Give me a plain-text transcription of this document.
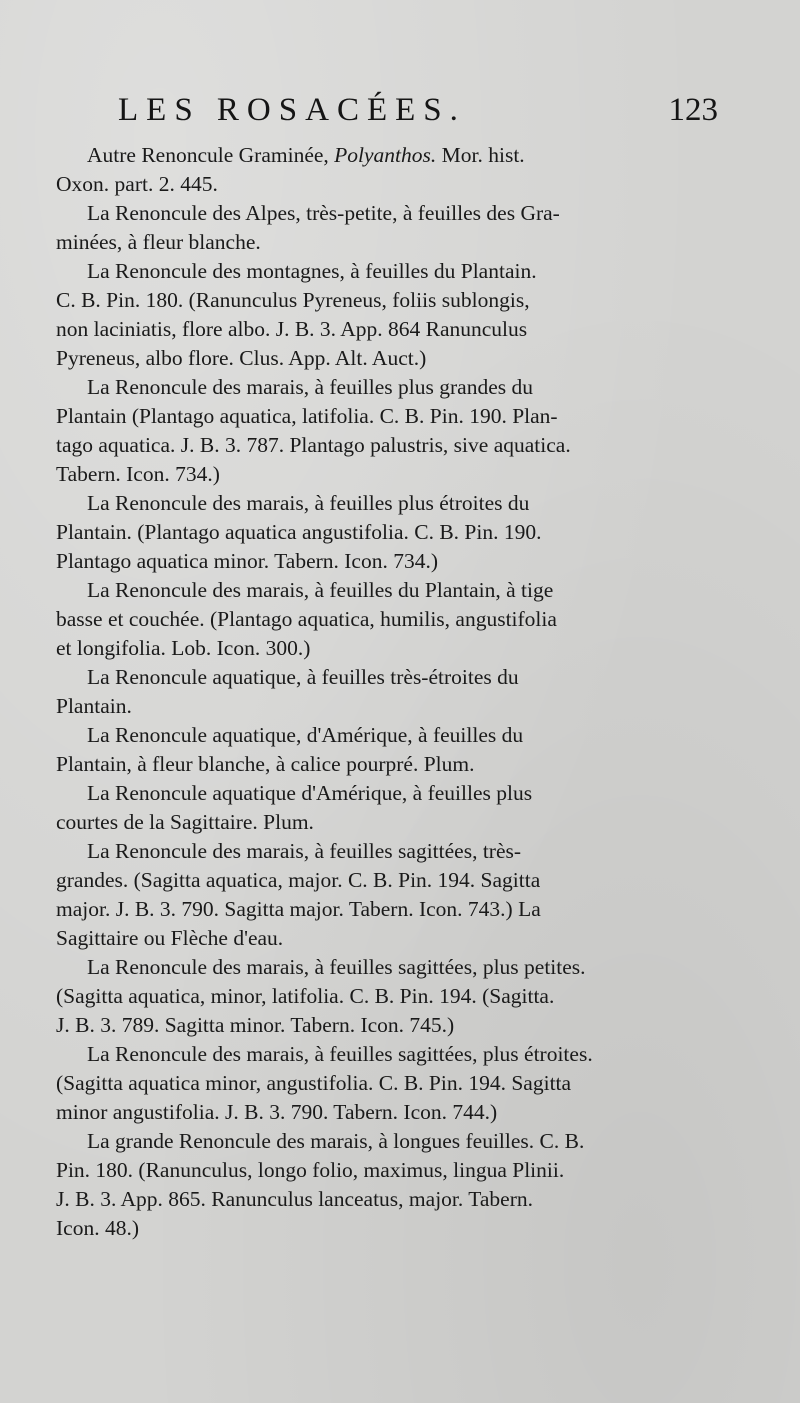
LES ROSACÉES.	123
Autre Renoncule Graminée, Polyanthos. Mor. hist.
Oxon. part. 2. 445.
La Renoncule des Alpes, très-petite, à feuilles des Gra-
minées, à fleur blanche.
La Renoncule des montagnes, à feuilles du Plantain.
C. B. Pin. 180. (Ranunculus Pyreneus, foliis sublongis,
non laciniatis, flore albo. J. B. 3. App. 864 Ranunculus
Pyreneus, albo flore. Clus. App. Alt. Auct.)
La Renoncule des marais, à feuilles plus grandes du
Plantain (Plantago aquatica, latifolia. C. B. Pin. 190. Plan-
tago aquatica. J. B. 3. 787. Plantago palustris, sive aquatica.
Tabern. Icon. 734.)
La Renoncule des marais, à feuilles plus étroites du
Plantain. (Plantago aquatica angustifolia. C. B. Pin. 190.
Plantago aquatica minor. Tabern. Icon. 734.)
La Renoncule des marais, à feuilles du Plantain, à tige
basse et couchée. (Plantago aquatica, humilis, angustifolia
et longifolia. Lob. Icon. 300.)
La Renoncule aquatique, à feuilles très-étroites du
Plantain.
La Renoncule aquatique, d'Amérique, à feuilles du
Plantain, à fleur blanche, à calice pourpré. Plum.
La Renoncule aquatique d'Amérique, à feuilles plus
courtes de la Sagittaire. Plum.
La Renoncule des marais, à feuilles sagittées, très-
grandes. (Sagitta aquatica, major. C. B. Pin. 194. Sagitta
major. J. B. 3. 790. Sagitta major. Tabern. Icon. 743.) La
Sagittaire ou Flèche d'eau.
La Renoncule des marais, à feuilles sagittées, plus petites.
(Sagitta aquatica, minor, latifolia. C. B. Pin. 194. (Sagitta.
J. B. 3. 789. Sagitta minor. Tabern. Icon. 745.)
La Renoncule des marais, à feuilles sagittées, plus étroites.
(Sagitta aquatica minor, angustifolia. C. B. Pin. 194. Sagitta
minor angustifolia. J. B. 3. 790. Tabern. Icon. 744.)
La grande Renoncule des marais, à longues feuilles. C. B.
Pin. 180. (Ranunculus, longo folio, maximus, lingua Plinii.
J. B. 3. App. 865. Ranunculus lanceatus, major. Tabern.
Icon. 48.)
